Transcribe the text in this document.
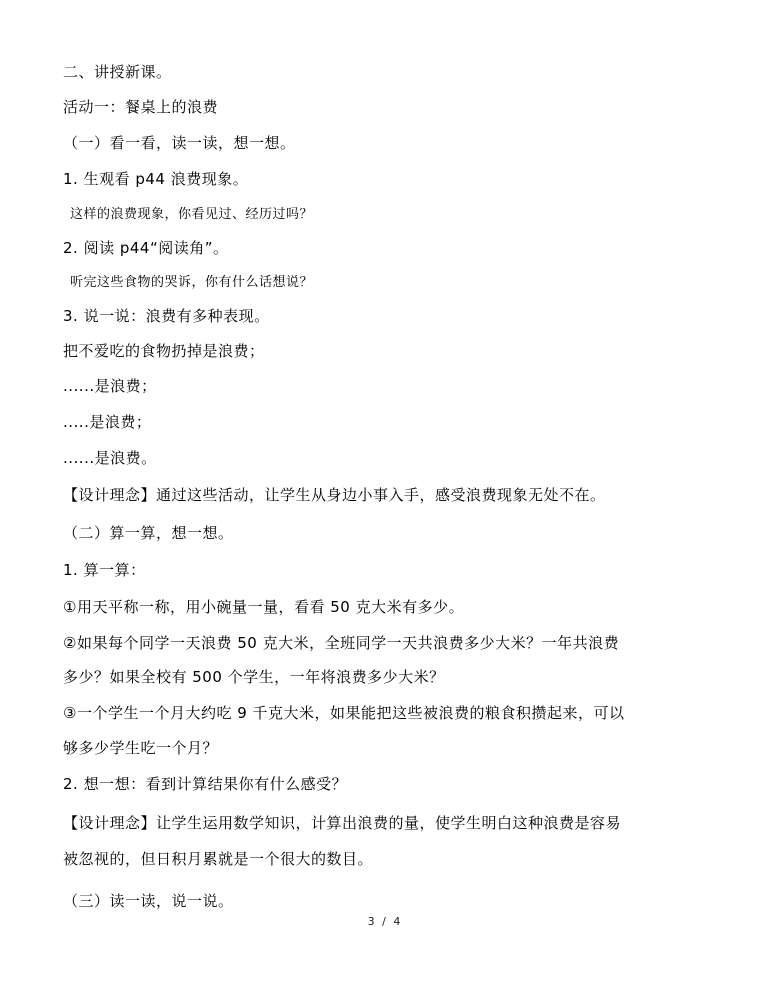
二、讲授新课。
活动一：餐桌上的浪费
（一）看一看，读一读，想一想。
1. 生观看 p44 浪费现象。
这样的浪费现象，你看见过、经历过吗？
2. 阅读 p44“阅读角”。
听完这些食物的哭诉，你有什么话想说？
3. 说一说：浪费有多种表现。
把不爱吃的食物扔掉是浪费；
......是浪费；
.....是浪费；
......是浪费。
【设计理念】通过这些活动，让学生从身边小事入手，感受浪费现象无处不在。
（二）算一算，想一想。
1. 算一算：
①用天平称一称，用小碗量一量，看看 50 克大米有多少。
②如果每个同学一天浪费 50 克大米，全班同学一天共浪费多少大米？一年共浪费
多少？如果全校有 500 个学生，一年将浪费多少大米？
③一个学生一个月大约吃 9 千克大米，如果能把这些被浪费的粮食积攒起来，可以
够多少学生吃一个月？
2. 想一想：看到计算结果你有什么感受？
【设计理念】让学生运用数学知识，计算出浪费的量，使学生明白这种浪费是容易
被忽视的，但日积月累就是一个很大的数目。
（三）读一读，说一说。
3 / 4
